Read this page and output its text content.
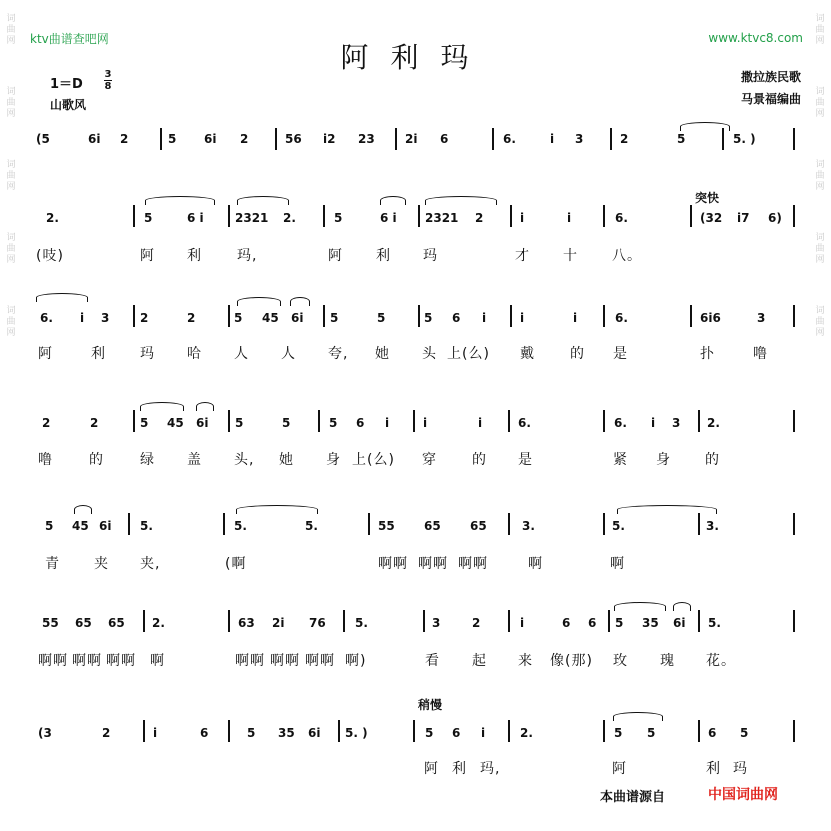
词
曲
网
词
曲
网
词
曲
网
词
曲
网
词
曲
网
词
曲
网
词
曲
网
词
曲
网
词
曲
网
词
曲
网
ktv曲谱查吧网	www.ktvc8.com
阿利玛
1＝D
3
8
山歌风
撒拉族民歌
马景福编曲
突快
稍慢
(5	6i 2	5 6i 2	56 i2 23	2i 6	6.	i 3	2	5	5. )
2.	5	6 i	2321 2.	5	6 i 2321 2	i	i	6.	(32 i7 6)
(吱)	阿 利	玛,	阿 利 玛	才 十 八。
6. i 3	2	2	5 45 6i 5	5	5 6 i	i	i	6.	6i6	3
阿	利 玛 哈 人 人 夸, 她 头 上(么) 戴	的 是	扑	噜
2	2	5 45 6i 5	5	5 6 i	i	i	6.	6. i 3 2.
噜	的	绿 盖 头, 她 身 上(么) 穿	的 是	紧 身 的
5 45 6i 5.	5.	5.	55 65 65	3.	5.	3.
青 夹 夹,	(啊	啊啊 啊啊 啊啊	啊	啊
55 65 65 2.	63 2i 76 5.	3	2	i	6 6 5 35 6i 5.
啊啊 啊啊 啊啊 啊	啊啊 啊啊 啊啊 啊)	看 起 来 像(那) 玫 瑰 花。
(3	2	i	6	5 35 6i 5. )	5 6 i	2.	5 5	6 5
阿 利 玛,	阿	利 玛
本曲谱源自	中国词曲网
